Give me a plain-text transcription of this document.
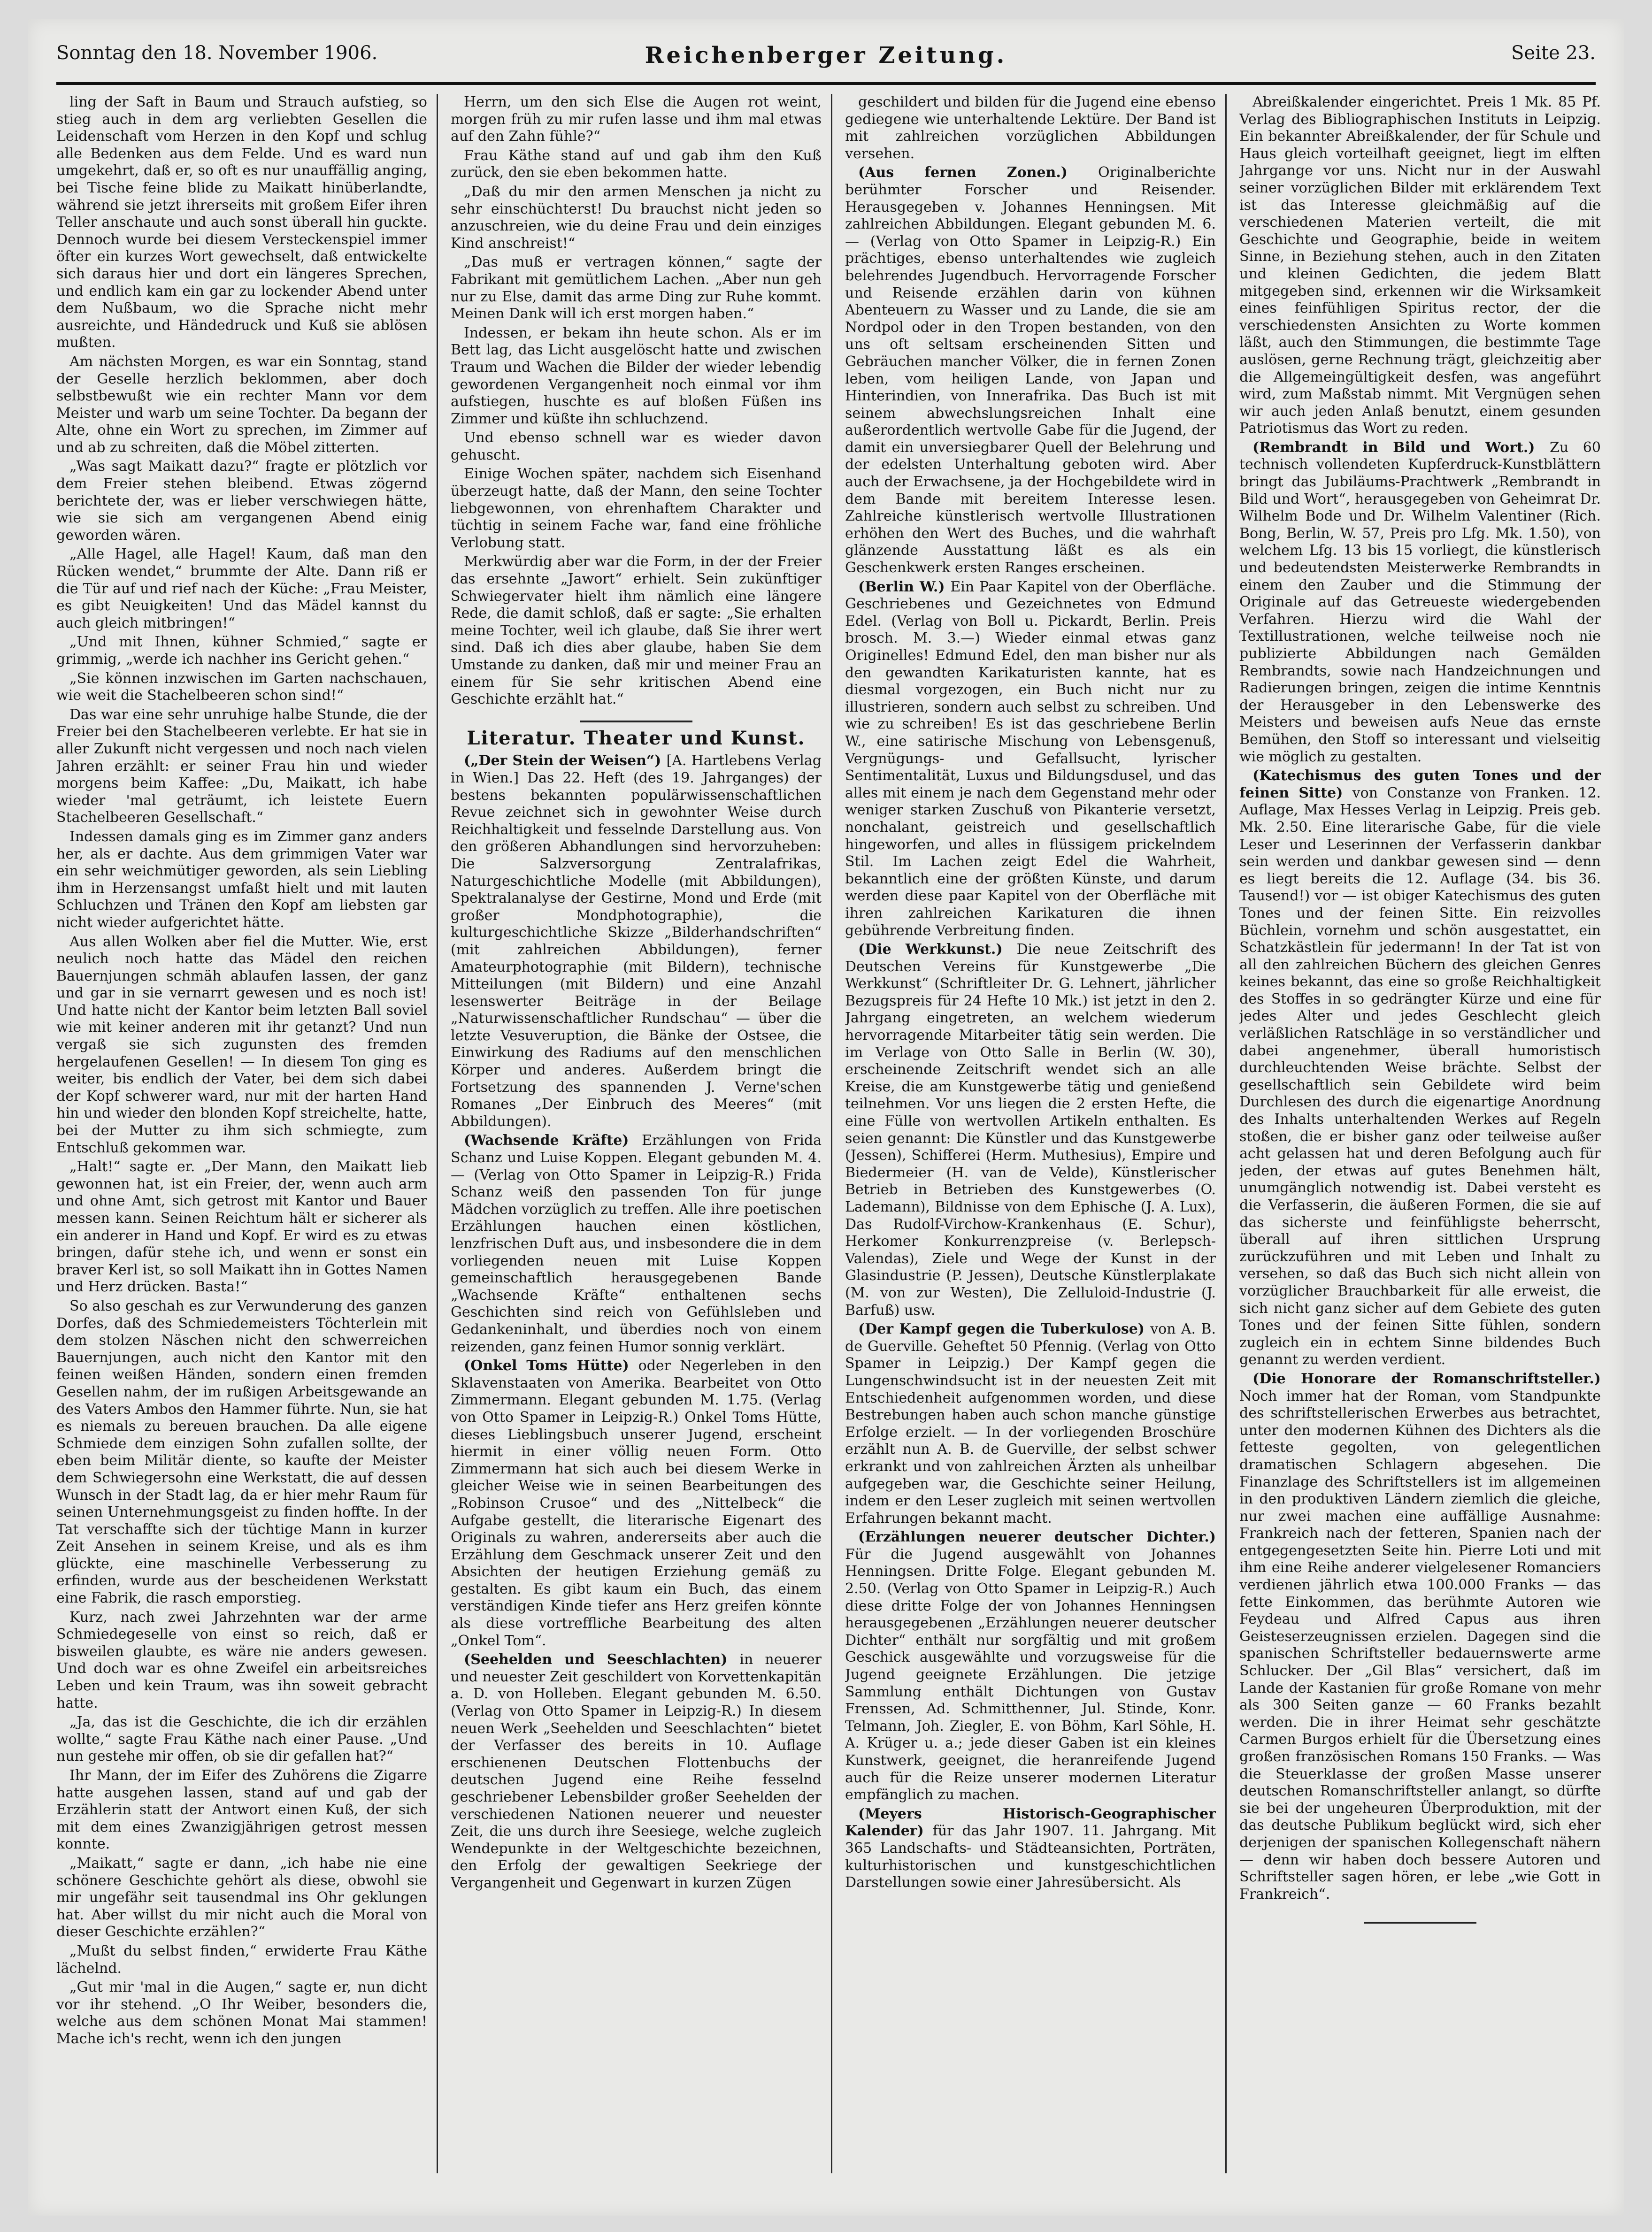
Sonntag den 18. November 1906.	Reichenberger Zeitung.	Seite 23.

ling der Saft in Baum und Strauch aufstieg, so stieg auch in dem arg verliebten Gesellen die Leidenschaft vom Herzen in den Kopf und schlug alle Bedenken aus dem Felde. Und es ward nun umgekehrt, daß er, so oft es nur unauffällig anging, bei Tische feine blide zu Maikatt hinüberlandte, während sie jetzt ihrerseits mit großem Eifer ihren Teller anschaute und auch sonst überall hin guckte. Dennoch wurde bei diesem Versteckenspiel immer öfter ein kurzes Wort gewechselt, daß entwickelte sich daraus hier und dort ein längeres Sprechen, und endlich kam ein gar zu lockender Abend unter dem Nußbaum, wo die Sprache nicht mehr ausreichte, und Händedruck und Kuß sie ablösen mußten.

Am nächsten Morgen, es war ein Sonntag, stand der Geselle herzlich beklommen, aber doch selbstbewußt wie ein rechter Mann vor dem Meister und warb um seine Tochter. Da begann der Alte, ohne ein Wort zu sprechen, im Zimmer auf und ab zu schreiten, daß die Möbel zitterten.

„Was sagt Maikatt dazu?“ fragte er plötzlich vor dem Freier stehen bleibend. Etwas zögernd berichtete der, was er lieber verschwiegen hätte, wie sie sich am vergangenen Abend einig geworden wären.

„Alle Hagel, alle Hagel! Kaum, daß man den Rücken wendet,“ brummte der Alte. Dann riß er die Tür auf und rief nach der Küche: „Frau Meister, es gibt Neuigkeiten! Und das Mädel kannst du auch gleich mitbringen!“

„Und mit Ihnen, kühner Schmied,“ sagte er grimmig, „werde ich nachher ins Gericht gehen.“

„Sie können inzwischen im Garten nachschauen, wie weit die Stachelbeeren schon sind!“

Das war eine sehr unruhige halbe Stunde, die der Freier bei den Stachelbeeren verlebte. Er hat sie in aller Zukunft nicht vergessen und noch nach vielen Jahren erzählt: er seiner Frau hin und wieder morgens beim Kaffee: „Du, Maikatt, ich habe wieder 'mal geträumt, ich leistete Euern Stachelbeeren Gesellschaft.“

Indessen damals ging es im Zimmer ganz anders her, als er dachte. Aus dem grimmigen Vater war ein sehr weichmütiger geworden, als sein Liebling ihm in Herzensangst umfaßt hielt und mit lauten Schluchzen und Tränen den Kopf am liebsten gar nicht wieder aufgerichtet hätte.

Aus allen Wolken aber fiel die Mutter. Wie, erst neulich noch hatte das Mädel den reichen Bauernjungen schmäh ablaufen lassen, der ganz und gar in sie vernarrt gewesen und es noch ist! Und hatte nicht der Kantor beim letzten Ball soviel wie mit keiner anderen mit ihr getanzt? Und nun vergaß sie sich zugunsten des fremden hergelaufenen Gesellen! — In diesem Ton ging es weiter, bis endlich der Vater, bei dem sich dabei der Kopf schwerer ward, nur mit der harten Hand hin und wieder den blonden Kopf streichelte, hatte, bei der Mutter zu ihm sich schmiegte, zum Entschluß gekommen war.

„Halt!“ sagte er. „Der Mann, den Maikatt lieb gewonnen hat, ist ein Freier, der, wenn auch arm und ohne Amt, sich getrost mit Kantor und Bauer messen kann. Seinen Reichtum hält er sicherer als ein anderer in Hand und Kopf. Er wird es zu etwas bringen, dafür stehe ich, und wenn er sonst ein braver Kerl ist, so soll Maikatt ihn in Gottes Namen und Herz drücken. Basta!“

So also geschah es zur Verwunderung des ganzen Dorfes, daß des Schmiedemeisters Töchterlein mit dem stolzen Näschen nicht den schwerreichen Bauernjungen, auch nicht den Kantor mit den feinen weißen Händen, sondern einen fremden Gesellen nahm, der im rußigen Arbeitsgewande an des Vaters Ambos den Hammer führte. Nun, sie hat es niemals zu bereuen brauchen. Da alle eigene Schmiede dem einzigen Sohn zufallen sollte, der eben beim Militär diente, so kaufte der Meister dem Schwiegersohn eine Werkstatt, die auf dessen Wunsch in der Stadt lag, da er hier mehr Raum für seinen Unternehmungsgeist zu finden hoffte. In der Tat verschaffte sich der tüchtige Mann in kurzer Zeit Ansehen in seinem Kreise, und als es ihm glückte, eine maschinelle Verbesserung zu erfinden, wurde aus der bescheidenen Werkstatt eine Fabrik, die rasch emporstieg.

Kurz, nach zwei Jahrzehnten war der arme Schmiedegeselle von einst so reich, daß er bisweilen glaubte, es wäre nie anders gewesen. Und doch war es ohne Zweifel ein arbeitsreiches Leben und kein Traum, was ihn soweit gebracht hatte.

„Ja, das ist die Geschichte, die ich dir erzählen wollte,“ sagte Frau Käthe nach einer Pause. „Und nun gestehe mir offen, ob sie dir gefallen hat?“

Ihr Mann, der im Eifer des Zuhörens die Zigarre hatte ausgehen lassen, stand auf und gab der Erzählerin statt der Antwort einen Kuß, der sich mit dem eines Zwanzigjährigen getrost messen konnte.

„Maikatt,“ sagte er dann, „ich habe nie eine schönere Geschichte gehört als diese, obwohl sie mir ungefähr seit tausendmal ins Ohr geklungen hat. Aber willst du mir nicht auch die Moral von dieser Geschichte erzählen?“

„Mußt du selbst finden,“ erwiderte Frau Käthe lächelnd.

„Gut mir 'mal in die Augen,“ sagte er, nun dicht vor ihr stehend. „O Ihr Weiber, besonders die, welche aus dem schönen Monat Mai stammen! Mache ich's recht, wenn ich den jungen

Herrn, um den sich Else die Augen rot weint, morgen früh zu mir rufen lasse und ihm mal etwas auf den Zahn fühle?“

Frau Käthe stand auf und gab ihm den Kuß zurück, den sie eben bekommen hatte.

„Daß du mir den armen Menschen ja nicht zu sehr einschüchterst! Du brauchst nicht jeden so anzuschreien, wie du deine Frau und dein einziges Kind anschreist!“

„Das muß er vertragen können,“ sagte der Fabrikant mit gemütlichem Lachen. „Aber nun geh nur zu Else, damit das arme Ding zur Ruhe kommt. Meinen Dank will ich erst morgen haben.“

Indessen, er bekam ihn heute schon. Als er im Bett lag, das Licht ausgelöscht hatte und zwischen Traum und Wachen die Bilder der wieder lebendig gewordenen Vergangenheit noch einmal vor ihm aufstiegen, huschte es auf bloßen Füßen ins Zimmer und küßte ihn schluchzend.

Und ebenso schnell war es wieder davon gehuscht.

Einige Wochen später, nachdem sich Eisenhand überzeugt hatte, daß der Mann, den seine Tochter liebgewonnen, von ehrenhaftem Charakter und tüchtig in seinem Fache war, fand eine fröhliche Verlobung statt.

Merkwürdig aber war die Form, in der der Freier das ersehnte „Jawort“ erhielt. Sein zukünftiger Schwiegervater hielt ihm nämlich eine längere Rede, die damit schloß, daß er sagte: „Sie erhalten meine Tochter, weil ich glaube, daß Sie ihrer wert sind. Daß ich dies aber glaube, haben Sie dem Umstande zu danken, daß mir und meiner Frau an einem für Sie sehr kritischen Abend eine Geschichte erzählt hat.“

Literatur. Theater und Kunst.

(„Der Stein der Weisen“) [A. Hartlebens Verlag in Wien.] Das 22. Heft (des 19. Jahrganges) der bestens bekannten populärwissenschaftlichen Revue zeichnet sich in gewohnter Weise durch Reichhaltigkeit und fesselnde Darstellung aus. Von den größeren Abhandlungen sind hervorzuheben: Die Salzversorgung Zentralafrikas, Naturgeschichtliche Modelle (mit Abbildungen), Spektralanalyse der Gestirne, Mond und Erde (mit großer Mondphotographie), die kulturgeschichtliche Skizze „Bilderhandschriften“ (mit zahlreichen Abbildungen), ferner Amateurphotographie (mit Bildern), technische Mitteilungen (mit Bildern) und eine Anzahl lesenswerter Beiträge in der Beilage „Naturwissenschaftlicher Rundschau“ — über die letzte Vesuveruption, die Bänke der Ostsee, die Einwirkung des Radiums auf den menschlichen Körper und anderes. Außerdem bringt die Fortsetzung des spannenden J. Verne'schen Romanes „Der Einbruch des Meeres“ (mit Abbildungen).

(Wachsende Kräfte) Erzählungen von Frida Schanz und Luise Koppen. Elegant gebunden M. 4.— (Verlag von Otto Spamer in Leipzig-R.) Frida Schanz weiß den passenden Ton für junge Mädchen vorzüglich zu treffen. Alle ihre poetischen Erzählungen hauchen einen köstlichen, lenzfrischen Duft aus, und insbesondere die in dem vorliegenden neuen mit Luise Koppen gemeinschaftlich herausgegebenen Bande „Wachsende Kräfte“ enthaltenen sechs Geschichten sind reich von Gefühlsleben und Gedankeninhalt, und überdies noch von einem reizenden, ganz feinen Humor sonnig verklärt.

(Onkel Toms Hütte) oder Negerleben in den Sklavenstaaten von Amerika. Bearbeitet von Otto Zimmermann. Elegant gebunden M. 1.75. (Verlag von Otto Spamer in Leipzig-R.) Onkel Toms Hütte, dieses Lieblingsbuch unserer Jugend, erscheint hiermit in einer völlig neuen Form. Otto Zimmermann hat sich auch bei diesem Werke in gleicher Weise wie in seinen Bearbeitungen des „Robinson Crusoe“ und des „Nittelbeck“ die Aufgabe gestellt, die literarische Eigenart des Originals zu wahren, andererseits aber auch die Erzählung dem Geschmack unserer Zeit und den Absichten der heutigen Erziehung gemäß zu gestalten. Es gibt kaum ein Buch, das einem verständigen Kinde tiefer ans Herz greifen könnte als diese vortreffliche Bearbeitung des alten „Onkel Tom“.

(Seehelden und Seeschlachten) in neuerer und neuester Zeit geschildert von Korvettenkapitän a. D. von Holleben. Elegant gebunden M. 6.50. (Verlag von Otto Spamer in Leipzig-R.) In diesem neuen Werk „Seehelden und Seeschlachten“ bietet der Verfasser des bereits in 10. Auflage erschienenen Deutschen Flottenbuchs der deutschen Jugend eine Reihe fesselnd geschriebener Lebensbilder großer Seehelden der verschiedenen Nationen neuerer und neuester Zeit, die uns durch ihre Seesiege, welche zugleich Wendepunkte in der Weltgeschichte bezeichnen, den Erfolg der gewaltigen Seekriege der Vergangenheit und Gegenwart in kurzen Zügen

geschildert und bilden für die Jugend eine ebenso gediegene wie unterhaltende Lektüre. Der Band ist mit zahlreichen vorzüglichen Abbildungen versehen.

(Aus fernen Zonen.) Originalberichte berühmter Forscher und Reisender. Herausgegeben v. Johannes Henningsen. Mit zahlreichen Abbildungen. Elegant gebunden M. 6.— (Verlag von Otto Spamer in Leipzig-R.) Ein prächtiges, ebenso unterhaltendes wie zugleich belehrendes Jugendbuch. Hervorragende Forscher und Reisende erzählen darin von kühnen Abenteuern zu Wasser und zu Lande, die sie am Nordpol oder in den Tropen bestanden, von den uns oft seltsam erscheinenden Sitten und Gebräuchen mancher Völker, die in fernen Zonen leben, vom heiligen Lande, von Japan und Hinterindien, von Innerafrika. Das Buch ist mit seinem abwechslungsreichen Inhalt eine außerordentlich wertvolle Gabe für die Jugend, der damit ein unversiegbarer Quell der Belehrung und der edelsten Unterhaltung geboten wird. Aber auch der Erwachsene, ja der Hochgebildete wird in dem Bande mit bereitem Interesse lesen. Zahlreiche künstlerisch wertvolle Illustrationen erhöhen den Wert des Buches, und die wahrhaft glänzende Ausstattung läßt es als ein Geschenkwerk ersten Ranges erscheinen.

(Berlin W.) Ein Paar Kapitel von der Oberfläche. Geschriebenes und Gezeichnetes von Edmund Edel. (Verlag von Boll u. Pickardt, Berlin. Preis brosch. M. 3.—) Wieder einmal etwas ganz Originelles! Edmund Edel, den man bisher nur als den gewandten Karikaturisten kannte, hat es diesmal vorgezogen, ein Buch nicht nur zu illustrieren, sondern auch selbst zu schreiben. Und wie zu schreiben! Es ist das geschriebene Berlin W., eine satirische Mischung von Lebensgenuß, Vergnügungs- und Gefallsucht, lyrischer Sentimentalität, Luxus und Bildungsdusel, und das alles mit einem je nach dem Gegenstand mehr oder weniger starken Zuschuß von Pikanterie versetzt, nonchalant, geistreich und gesellschaftlich hingeworfen, und alles in flüssigem prickelndem Stil. Im Lachen zeigt Edel die Wahrheit, bekanntlich eine der größten Künste, und darum werden diese paar Kapitel von der Oberfläche mit ihren zahlreichen Karikaturen die ihnen gebührende Verbreitung finden.

(Die Werkkunst.) Die neue Zeitschrift des Deutschen Vereins für Kunstgewerbe „Die Werkkunst“ (Schriftleiter Dr. G. Lehnert, jährlicher Bezugspreis für 24 Hefte 10 Mk.) ist jetzt in den 2. Jahrgang eingetreten, an welchem wiederum hervorragende Mitarbeiter tätig sein werden. Die im Verlage von Otto Salle in Berlin (W. 30), erscheinende Zeitschrift wendet sich an alle Kreise, die am Kunstgewerbe tätig und genießend teilnehmen. Vor uns liegen die 2 ersten Hefte, die eine Fülle von wertvollen Artikeln enthalten. Es seien genannt: Die Künstler und das Kunstgewerbe (Jessen), Schifferei (Herm. Muthesius), Empire und Biedermeier (H. van de Velde), Künstlerischer Betrieb in Betrieben des Kunstgewerbes (O. Lademann), Bildnisse von dem Ephische (J. A. Lux), Das Rudolf-Virchow-Krankenhaus (E. Schur), Herkomer Konkurrenzpreise (v. Berlepsch-Valendas), Ziele und Wege der Kunst in der Glasindustrie (P. Jessen), Deutsche Künstlerplakate (M. von zur Westen), Die Zelluloid-Industrie (J. Barfuß) usw.

(Der Kampf gegen die Tuberkulose) von A. B. de Guerville. Geheftet 50 Pfennig. (Verlag von Otto Spamer in Leipzig.) Der Kampf gegen die Lungenschwindsucht ist in der neuesten Zeit mit Entschiedenheit aufgenommen worden, und diese Bestrebungen haben auch schon manche günstige Erfolge erzielt. — In der vorliegenden Broschüre erzählt nun A. B. de Guerville, der selbst schwer erkrankt und von zahlreichen Ärzten als unheilbar aufgegeben war, die Geschichte seiner Heilung, indem er den Leser zugleich mit seinen wertvollen Erfahrungen bekannt macht.

(Erzählungen neuerer deutscher Dichter.) Für die Jugend ausgewählt von Johannes Henningsen. Dritte Folge. Elegant gebunden M. 2.50. (Verlag von Otto Spamer in Leipzig-R.) Auch diese dritte Folge der von Johannes Henningsen herausgegebenen „Erzählungen neuerer deutscher Dichter“ enthält nur sorgfältig und mit großem Geschick ausgewählte und vorzugsweise für die Jugend geeignete Erzählungen. Die jetzige Sammlung enthält Dichtungen von Gustav Frenssen, Ad. Schmitthenner, Jul. Stinde, Konr. Telmann, Joh. Ziegler, E. von Böhm, Karl Söhle, H. A. Krüger u. a.; jede dieser Gaben ist ein kleines Kunstwerk, geeignet, die heranreifende Jugend auch für die Reize unserer modernen Literatur empfänglich zu machen.

(Meyers Historisch-Geographischer Kalender) für das Jahr 1907. 11. Jahrgang. Mit 365 Landschafts- und Städteansichten, Porträten, kulturhistorischen und kunstgeschichtlichen Darstellungen sowie einer Jahresübersicht. Als

Abreißkalender eingerichtet. Preis 1 Mk. 85 Pf. Verlag des Bibliographischen Instituts in Leipzig. Ein bekannter Abreißkalender, der für Schule und Haus gleich vorteilhaft geeignet, liegt im elften Jahrgange vor uns. Nicht nur in der Auswahl seiner vorzüglichen Bilder mit erklärendem Text ist das Interesse gleichmäßig auf die verschiedenen Materien verteilt, die mit Geschichte und Geographie, beide in weitem Sinne, in Beziehung stehen, auch in den Zitaten und kleinen Gedichten, die jedem Blatt mitgegeben sind, erkennen wir die Wirksamkeit eines feinfühligen Spiritus rector, der die verschiedensten Ansichten zu Worte kommen läßt, auch den Stimmungen, die bestimmte Tage auslösen, gerne Rechnung trägt, gleichzeitig aber die Allgemeingültigkeit desfen, was angeführt wird, zum Maßstab nimmt. Mit Vergnügen sehen wir auch jeden Anlaß benutzt, einem gesunden Patriotismus das Wort zu reden.

(Rembrandt in Bild und Wort.) Zu 60 technisch vollendeten Kupferdruck-Kunstblättern bringt das Jubiläums-Prachtwerk „Rembrandt in Bild und Wort“, herausgegeben von Geheimrat Dr. Wilhelm Bode und Dr. Wilhelm Valentiner (Rich. Bong, Berlin, W. 57, Preis pro Lfg. Mk. 1.50), von welchem Lfg. 13 bis 15 vorliegt, die künstlerisch und bedeutendsten Meisterwerke Rembrandts in einem den Zauber und die Stimmung der Originale auf das Getreueste wiedergebenden Verfahren. Hierzu wird die Wahl der Textillustrationen, welche teilweise noch nie publizierte Abbildungen nach Gemälden Rembrandts, sowie nach Handzeichnungen und Radierungen bringen, zeigen die intime Kenntnis der Herausgeber in den Lebenswerke des Meisters und beweisen aufs Neue das ernste Bemühen, den Stoff so interessant und vielseitig wie möglich zu gestalten.

(Katechismus des guten Tones und der feinen Sitte) von Constanze von Franken. 12. Auflage, Max Hesses Verlag in Leipzig. Preis geb. Mk. 2.50. Eine literarische Gabe, für die viele Leser und Leserinnen der Verfasserin dankbar sein werden und dankbar gewesen sind — denn es liegt bereits die 12. Auflage (34. bis 36. Tausend!) vor — ist obiger Katechismus des guten Tones und der feinen Sitte. Ein reizvolles Büchlein, vornehm und schön ausgestattet, ein Schatzkästlein für jedermann! In der Tat ist von all den zahlreichen Büchern des gleichen Genres keines bekannt, das eine so große Reichhaltigkeit des Stoffes in so gedrängter Kürze und eine für jedes Alter und jedes Geschlecht gleich verläßlichen Ratschläge in so verständlicher und dabei angenehmer, überall humoristisch durchleuchtenden Weise brächte. Selbst der gesellschaftlich sein Gebildete wird beim Durchlesen des durch die eigenartige Anordnung des Inhalts unterhaltenden Werkes auf Regeln stoßen, die er bisher ganz oder teilweise außer acht gelassen hat und deren Befolgung auch für jeden, der etwas auf gutes Benehmen hält, unumgänglich notwendig ist. Dabei versteht es die Verfasserin, die äußeren Formen, die sie auf das sicherste und feinfühligste beherrscht, überall auf ihren sittlichen Ursprung zurückzuführen und mit Leben und Inhalt zu versehen, so daß das Buch sich nicht allein von vorzüglicher Brauchbarkeit für alle erweist, die sich nicht ganz sicher auf dem Gebiete des guten Tones und der feinen Sitte fühlen, sondern zugleich ein in echtem Sinne bildendes Buch genannt zu werden verdient.

(Die Honorare der Romanschriftsteller.) Noch immer hat der Roman, vom Standpunkte des schriftstellerischen Erwerbes aus betrachtet, unter den modernen Kühnen des Dichters als die fetteste gegolten, von gelegentlichen dramatischen Schlagern abgesehen. Die Finanzlage des Schriftstellers ist im allgemeinen in den produktiven Ländern ziemlich die gleiche, nur zwei machen eine auffällige Ausnahme: Frankreich nach der fetteren, Spanien nach der entgegengesetzten Seite hin. Pierre Loti und mit ihm eine Reihe anderer vielgelesener Romanciers verdienen jährlich etwa 100.000 Franks — das fette Einkommen, das berühmte Autoren wie Feydeau und Alfred Capus aus ihren Geisteserzeugnissen erzielen. Dagegen sind die spanischen Schriftsteller bedauernswerte arme Schlucker. Der „Gil Blas“ versichert, daß im Lande der Kastanien für große Romane von mehr als 300 Seiten ganze — 60 Franks bezahlt werden. Die in ihrer Heimat sehr geschätzte Carmen Burgos erhielt für die Übersetzung eines großen französischen Romans 150 Franks. — Was die Steuerklasse der großen Masse unserer deutschen Romanschriftsteller anlangt, so dürfte sie bei der ungeheuren Überproduktion, mit der das deutsche Publikum beglückt wird, sich eher derjenigen der spanischen Kollegenschaft nähern — denn wir haben doch bessere Autoren und Schriftsteller sagen hören, er lebe „wie Gott in Frankreich“.
